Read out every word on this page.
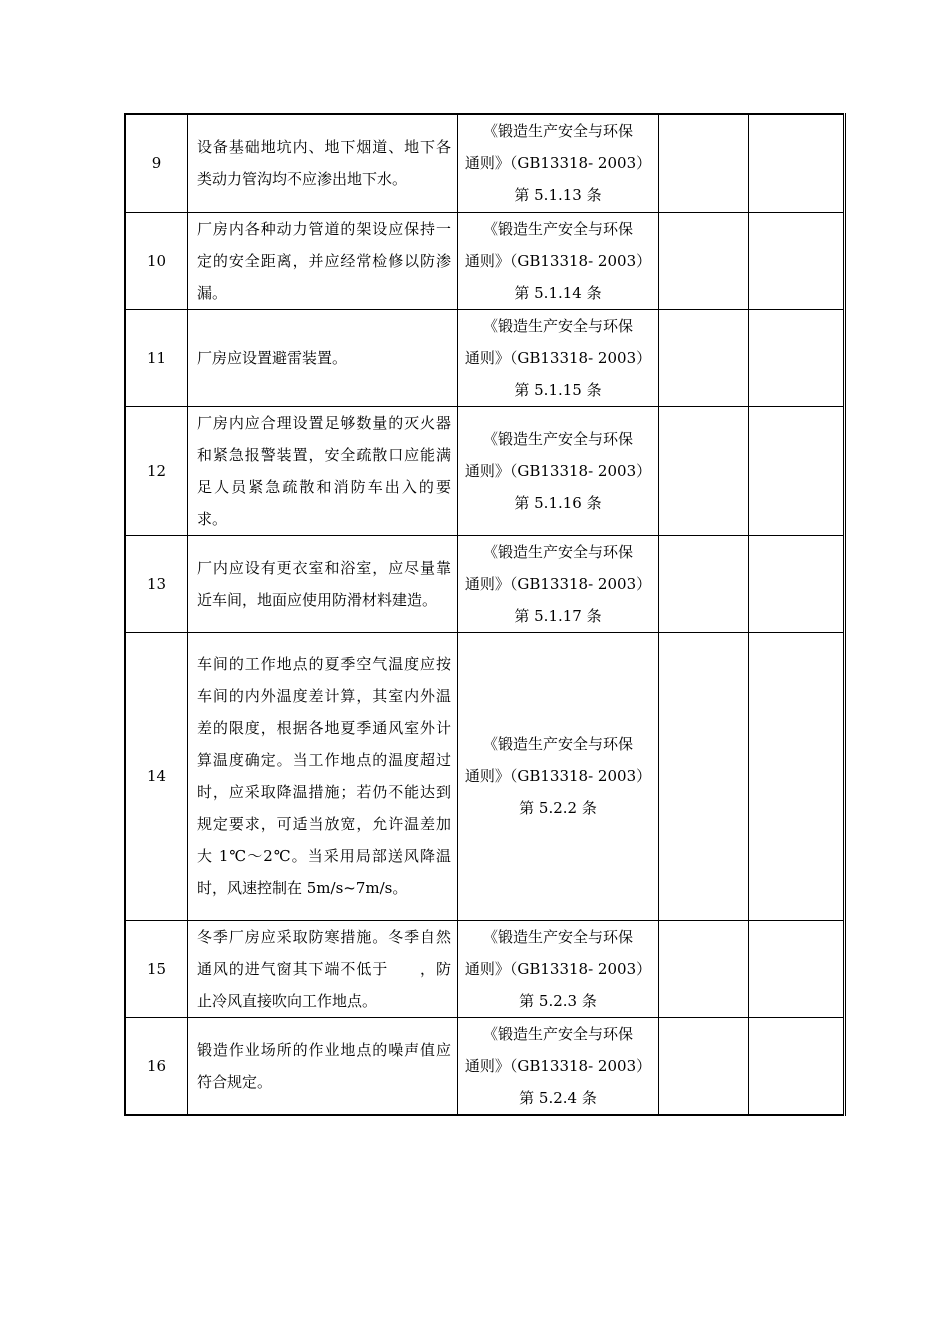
9	设备基础地坑内、地下烟道、地下各类动力管沟均不应渗出地下水。	《锻造生产安全与环保
通则》（GB13318- 2003）
第 5.1.13 条		

10	厂房内各种动力管道的架设应保持一定的安全距离，并应经常检修以防渗漏。	《锻造生产安全与环保
通则》（GB13318- 2003）
第 5.1.14 条		

11	厂房应设置避雷装置。	《锻造生产安全与环保
通则》（GB13318- 2003）
第 5.1.15 条		

12	厂房内应合理设置足够数量的灭火器和紧急报警装置，安全疏散口应能满足人员紧急疏散和消防车出入的要求。	《锻造生产安全与环保
通则》（GB13318- 2003）
第 5.1.16 条		

13	厂内应设有更衣室和浴室，应尽量靠近车间，地面应使用防滑材料建造。	《锻造生产安全与环保
通则》（GB13318- 2003）
第 5.1.17 条		

14	车间的工作地点的夏季空气温度应按车间的内外温度差计算，其室内外温差的限度，根据各地夏季通风室外计算温度确定。当工作地点的温度超过时，应采取降温措施；若仍不能达到规定要求，可适当放宽，允许温差加大 1℃～2℃。当采用局部送风降温时，风速控制在 5m/s~7m/s。	《锻造生产安全与环保
通则》（GB13318- 2003）
第 5.2.2 条		

15	冬季厂房应采取防寒措施。冬季自然通风的进气窗其下端不低于　　，防止冷风直接吹向工作地点。	《锻造生产安全与环保
通则》（GB13318- 2003）
第 5.2.3 条		

16	锻造作业场所的作业地点的噪声值应符合规定。	《锻造生产安全与环保
通则》（GB13318- 2003）
第 5.2.4 条		
